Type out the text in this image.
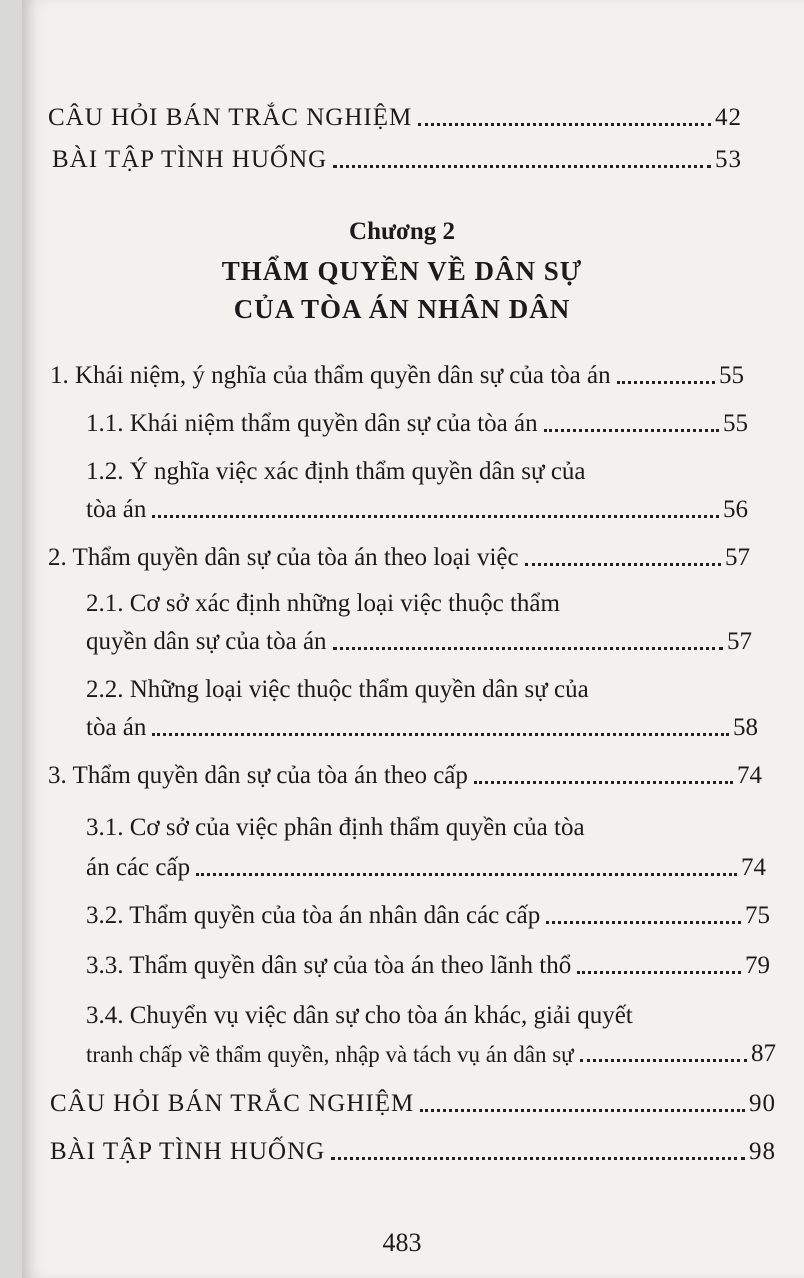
CÂU HỎI BÁN TRẮC NGHIỆM	42
BÀI TẬP TÌNH HUỐNG	53
Chương 2
THẨM QUYỀN VỀ DÂN SỰ
CỦA TÒA ÁN NHÂN DÂN
1. Khái niệm, ý nghĩa của thẩm quyền dân sự của tòa án	55
1.1. Khái niệm thẩm quyền dân sự của tòa án	55
1.2. Ý nghĩa việc xác định thẩm quyền dân sự của
tòa án	56
2. Thẩm quyền dân sự của tòa án theo loại việc	57
2.1. Cơ sở xác định những loại việc thuộc thẩm
quyền dân sự của tòa án	57
2.2. Những loại việc thuộc thẩm quyền dân sự của
tòa án	58
3. Thẩm quyền dân sự của tòa án theo cấp	74
3.1. Cơ sở của việc phân định thẩm quyền của tòa
án các cấp	74
3.2. Thẩm quyền của tòa án nhân dân các cấp	75
3.3. Thẩm quyền dân sự của tòa án theo lãnh thổ	79
3.4. Chuyển vụ việc dân sự cho tòa án khác, giải quyết
tranh chấp về thẩm quyền, nhập và tách vụ án dân sự	87
CÂU HỎI BÁN TRẮC NGHIỆM	90
BÀI TẬP TÌNH HUỐNG	98
483
